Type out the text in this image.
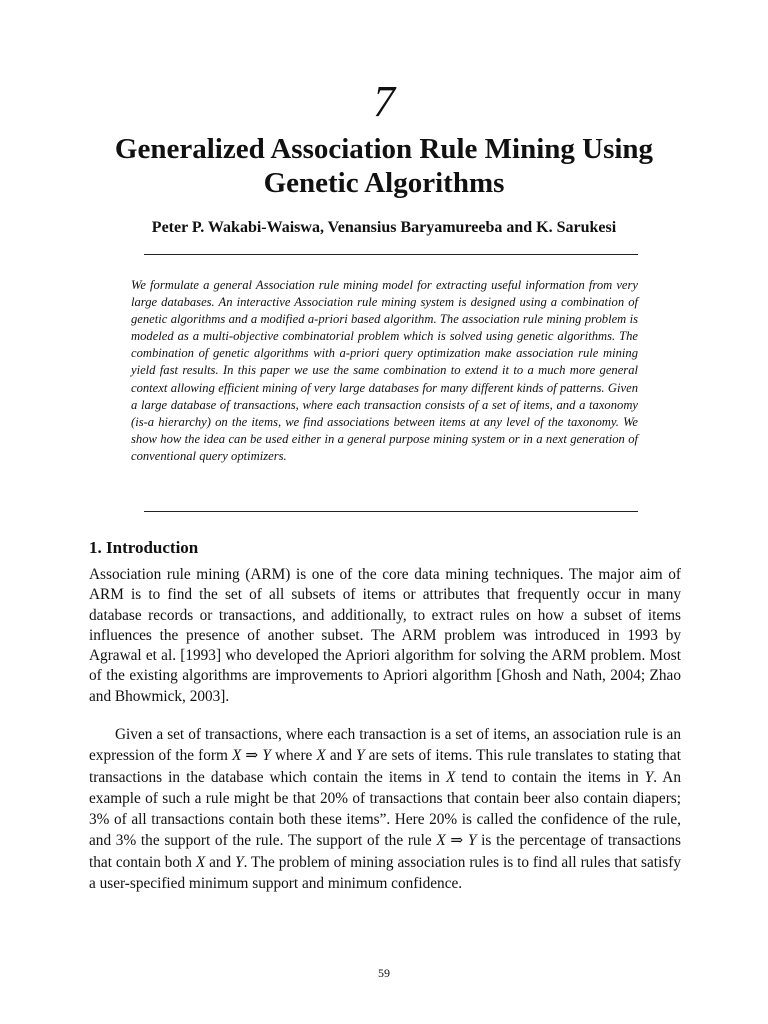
7
Generalized Association Rule Mining Using Genetic Algorithms
Peter P. Wakabi-Waiswa, Venansius Baryamureeba and K. Sarukesi

We formulate a general Association rule mining model for extracting useful information from very large databases. An interactive Association rule mining system is designed using a combination of genetic algorithms and a modified a-priori based algorithm. The association rule mining problem is modeled as a multi-objective combinatorial problem which is solved using genetic algorithms. The combination of genetic algorithms with a-priori query optimization make association rule mining yield fast results. In this paper we use the same combination to extend it to a much more general context allowing efficient mining of very large databases for many different kinds of patterns. Given a large database of transactions, where each transaction consists of a set of items, and a taxonomy (is-a hierarchy) on the items, we find associations between items at any level of the taxonomy. We show how the idea can be used either in a general purpose mining system or in a next generation of conventional query optimizers.

1. Introduction

Association rule mining (ARM) is one of the core data mining techniques. The major aim of ARM is to find the set of all subsets of items or attributes that frequently occur in many database records or transactions, and additionally, to extract rules on how a subset of items influences the presence of another subset. The ARM problem was introduced in 1993 by Agrawal et al. [1993] who developed the Apriori algorithm for solving the ARM problem. Most of the existing algorithms are improvements to Apriori algorithm [Ghosh and Nath, 2004; Zhao and Bhowmick, 2003].

Given a set of transactions, where each transaction is a set of items, an association rule is an expression of the form X ⇒ Y where X and Y are sets of items. This rule translates to stating that transactions in the database which contain the items in X tend to contain the items in Y. An example of such a rule might be that 20% of transactions that contain beer also contain diapers; 3% of all transactions contain both these items”. Here 20% is called the confidence of the rule, and 3% the support of the rule. The support of the rule X ⇒ Y is the percentage of transactions that contain both X and Y. The problem of mining association rules is to find all rules that satisfy a user-specified minimum support and minimum confidence.

59
